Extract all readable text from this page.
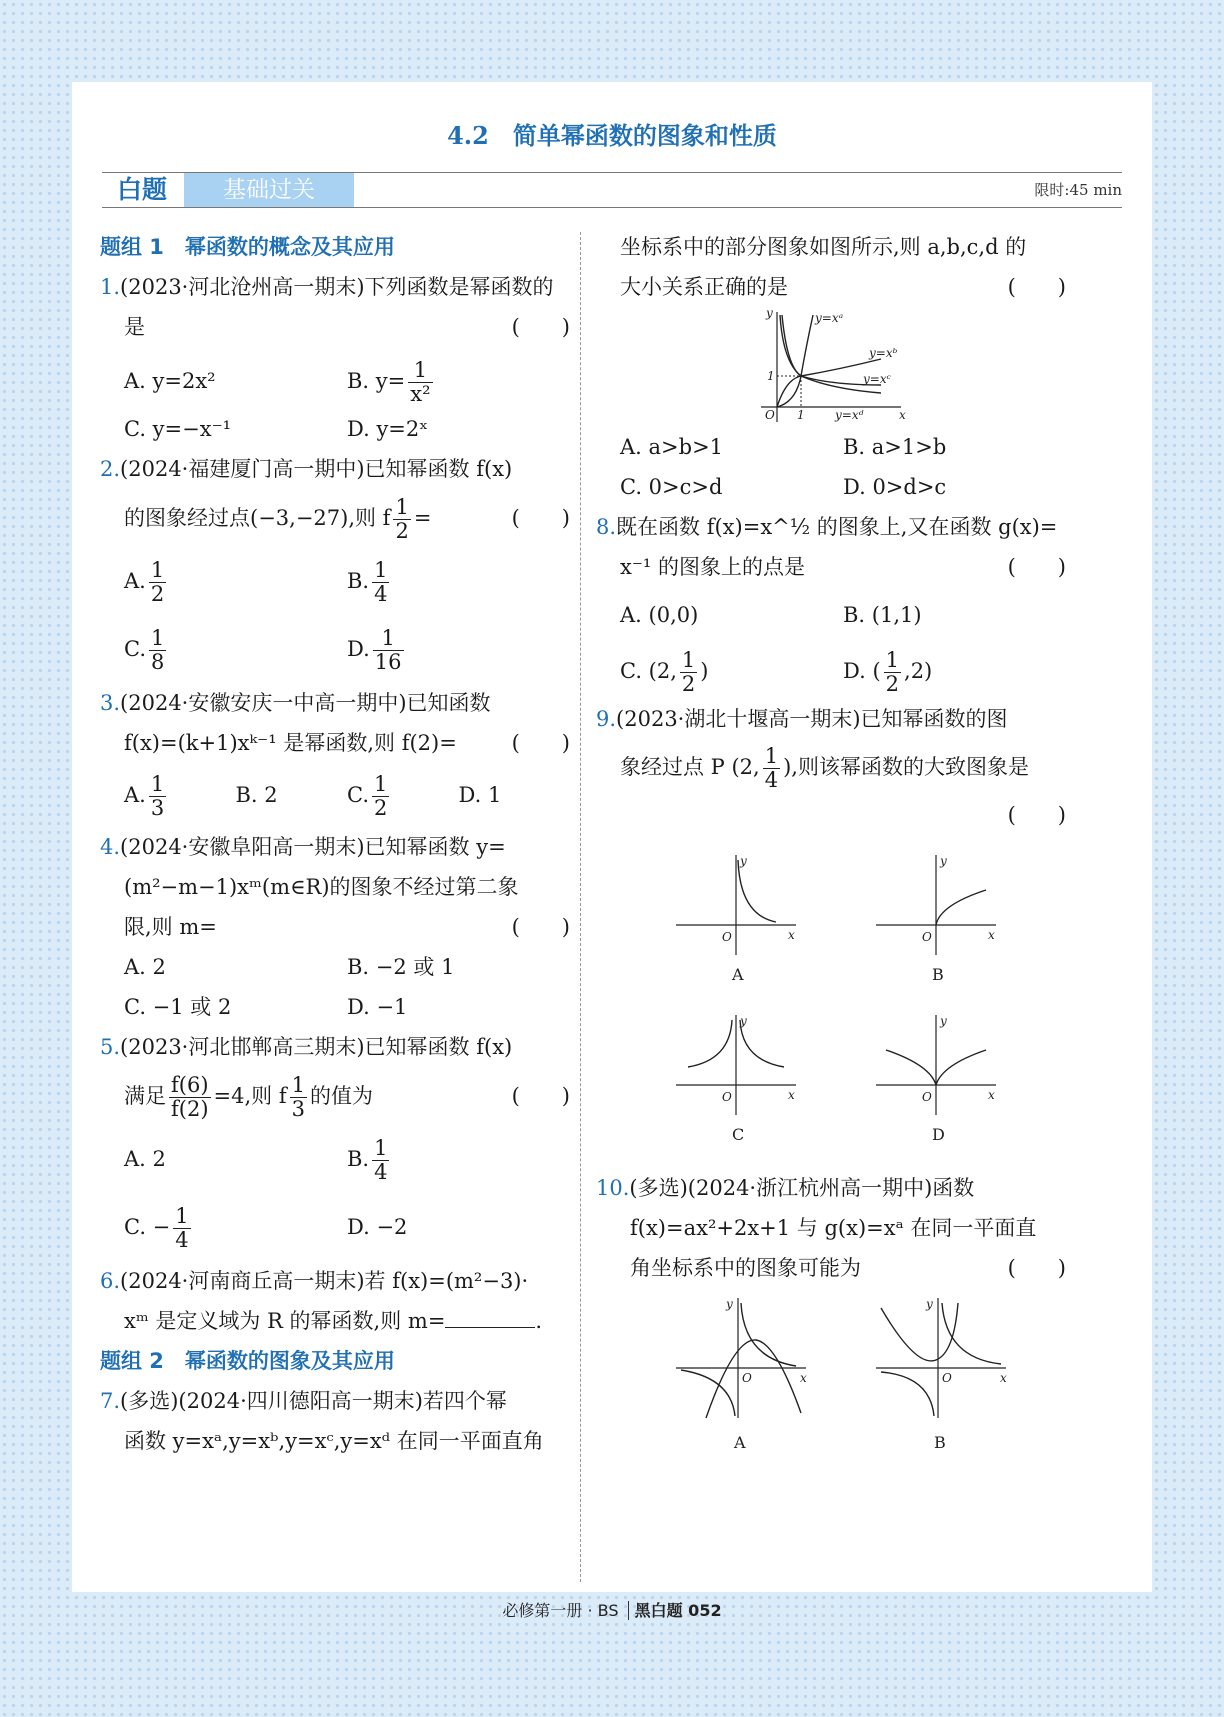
4.2　简单幂函数的图象和性质
白题	基础过关	限时:45 min
题组 1　幂函数的概念及其应用
1.(2023·河北沧州高一期末)下列函数是幂函数的是	(　　)
A. y=2x²	B. $y= \frac{1}{\text{x²}}$
C. y=−x⁻¹	D. y=2ˣ
2.(2024·福建厦门高一期中)已知幂函数 f(x)
的图象经过点(−3,−27),则 f $\frac{1}{2}$ =	(　　)
A. $\frac{1}{2}$	B. $\frac{1}{4}$
C. $\frac{1}{8}$	D. $\frac{1}{16}$
3.(2024·安徽安庆一中高一期中)已知函数
f(x)=(k+1)xᵏ⁻¹ 是幂函数,则 f(2)=	(　　)
A. $\frac{1}{3}$	B. 2	C. $\frac{1}{2}$	D. 1
4.(2024·安徽阜阳高一期末)已知幂函数 y=
(m²−m−1)xᵐ(m∈R)的图象不经过第二象
限,则 m=	(　　)
A. 2	B. −2 或 1
C. −1 或 2	D. −1
5.(2023·河北邯郸高三期末)已知幂函数 f(x)
满足 $\frac{f(6)}{f(2)} =4$,则 f $\frac{1}{3}$ 的值为	(　　)
A. 2	B. $\frac{1}{4}$
C. − $\frac{1}{4}$	D. −2
6.(2024·河南商丘高一期末)若 f(x)=(m²−3)·
xᵐ 是定义域为 R 的幂函数,则 m=	.
题组 2　幂函数的图象及其应用
7.(多选)(2024·四川德阳高一期末)若四个幂
函数 y=xᵃ,y=xᵇ,y=xᶜ,y=xᵈ 在同一平面直角
坐标系中的部分图象如图所示,则 a,b,c,d 的
大小关系正确的是	(　　)
x
y
O
1
1
y=xᵃ
y=xᵇ
y=xᶜ
y=xᵈ
A. a>b>1	B. a>1>b
C. 0>c>d	D. 0>d>c
8.既在函数 f(x)=x^½ 的图象上,又在函数 g(x)=
x⁻¹ 的图象上的点是	(　　)
A. (0,0)	B. (1,1)
C. (2, $\frac{1}{2}$ )	D. ( $\frac{1}{2} ,2$)
9.(2023·湖北十堰高一期末)已知幂函数的图
象经过点 P (2, $\frac{1}{4}$ ),则该幂函数的大致图象是
(　　)
y
x
O
A
y
x
O
B
y
x
O
C
y
x
O
D
10.(多选)(2024·浙江杭州高一期中)函数
f(x)=ax²+2x+1 与 g(x)=xᵃ 在同一平面直
角坐标系中的图象可能为	(　　)
y
x
O
A
y
x
O
B
必修第一册 · BS 黑白题 052
